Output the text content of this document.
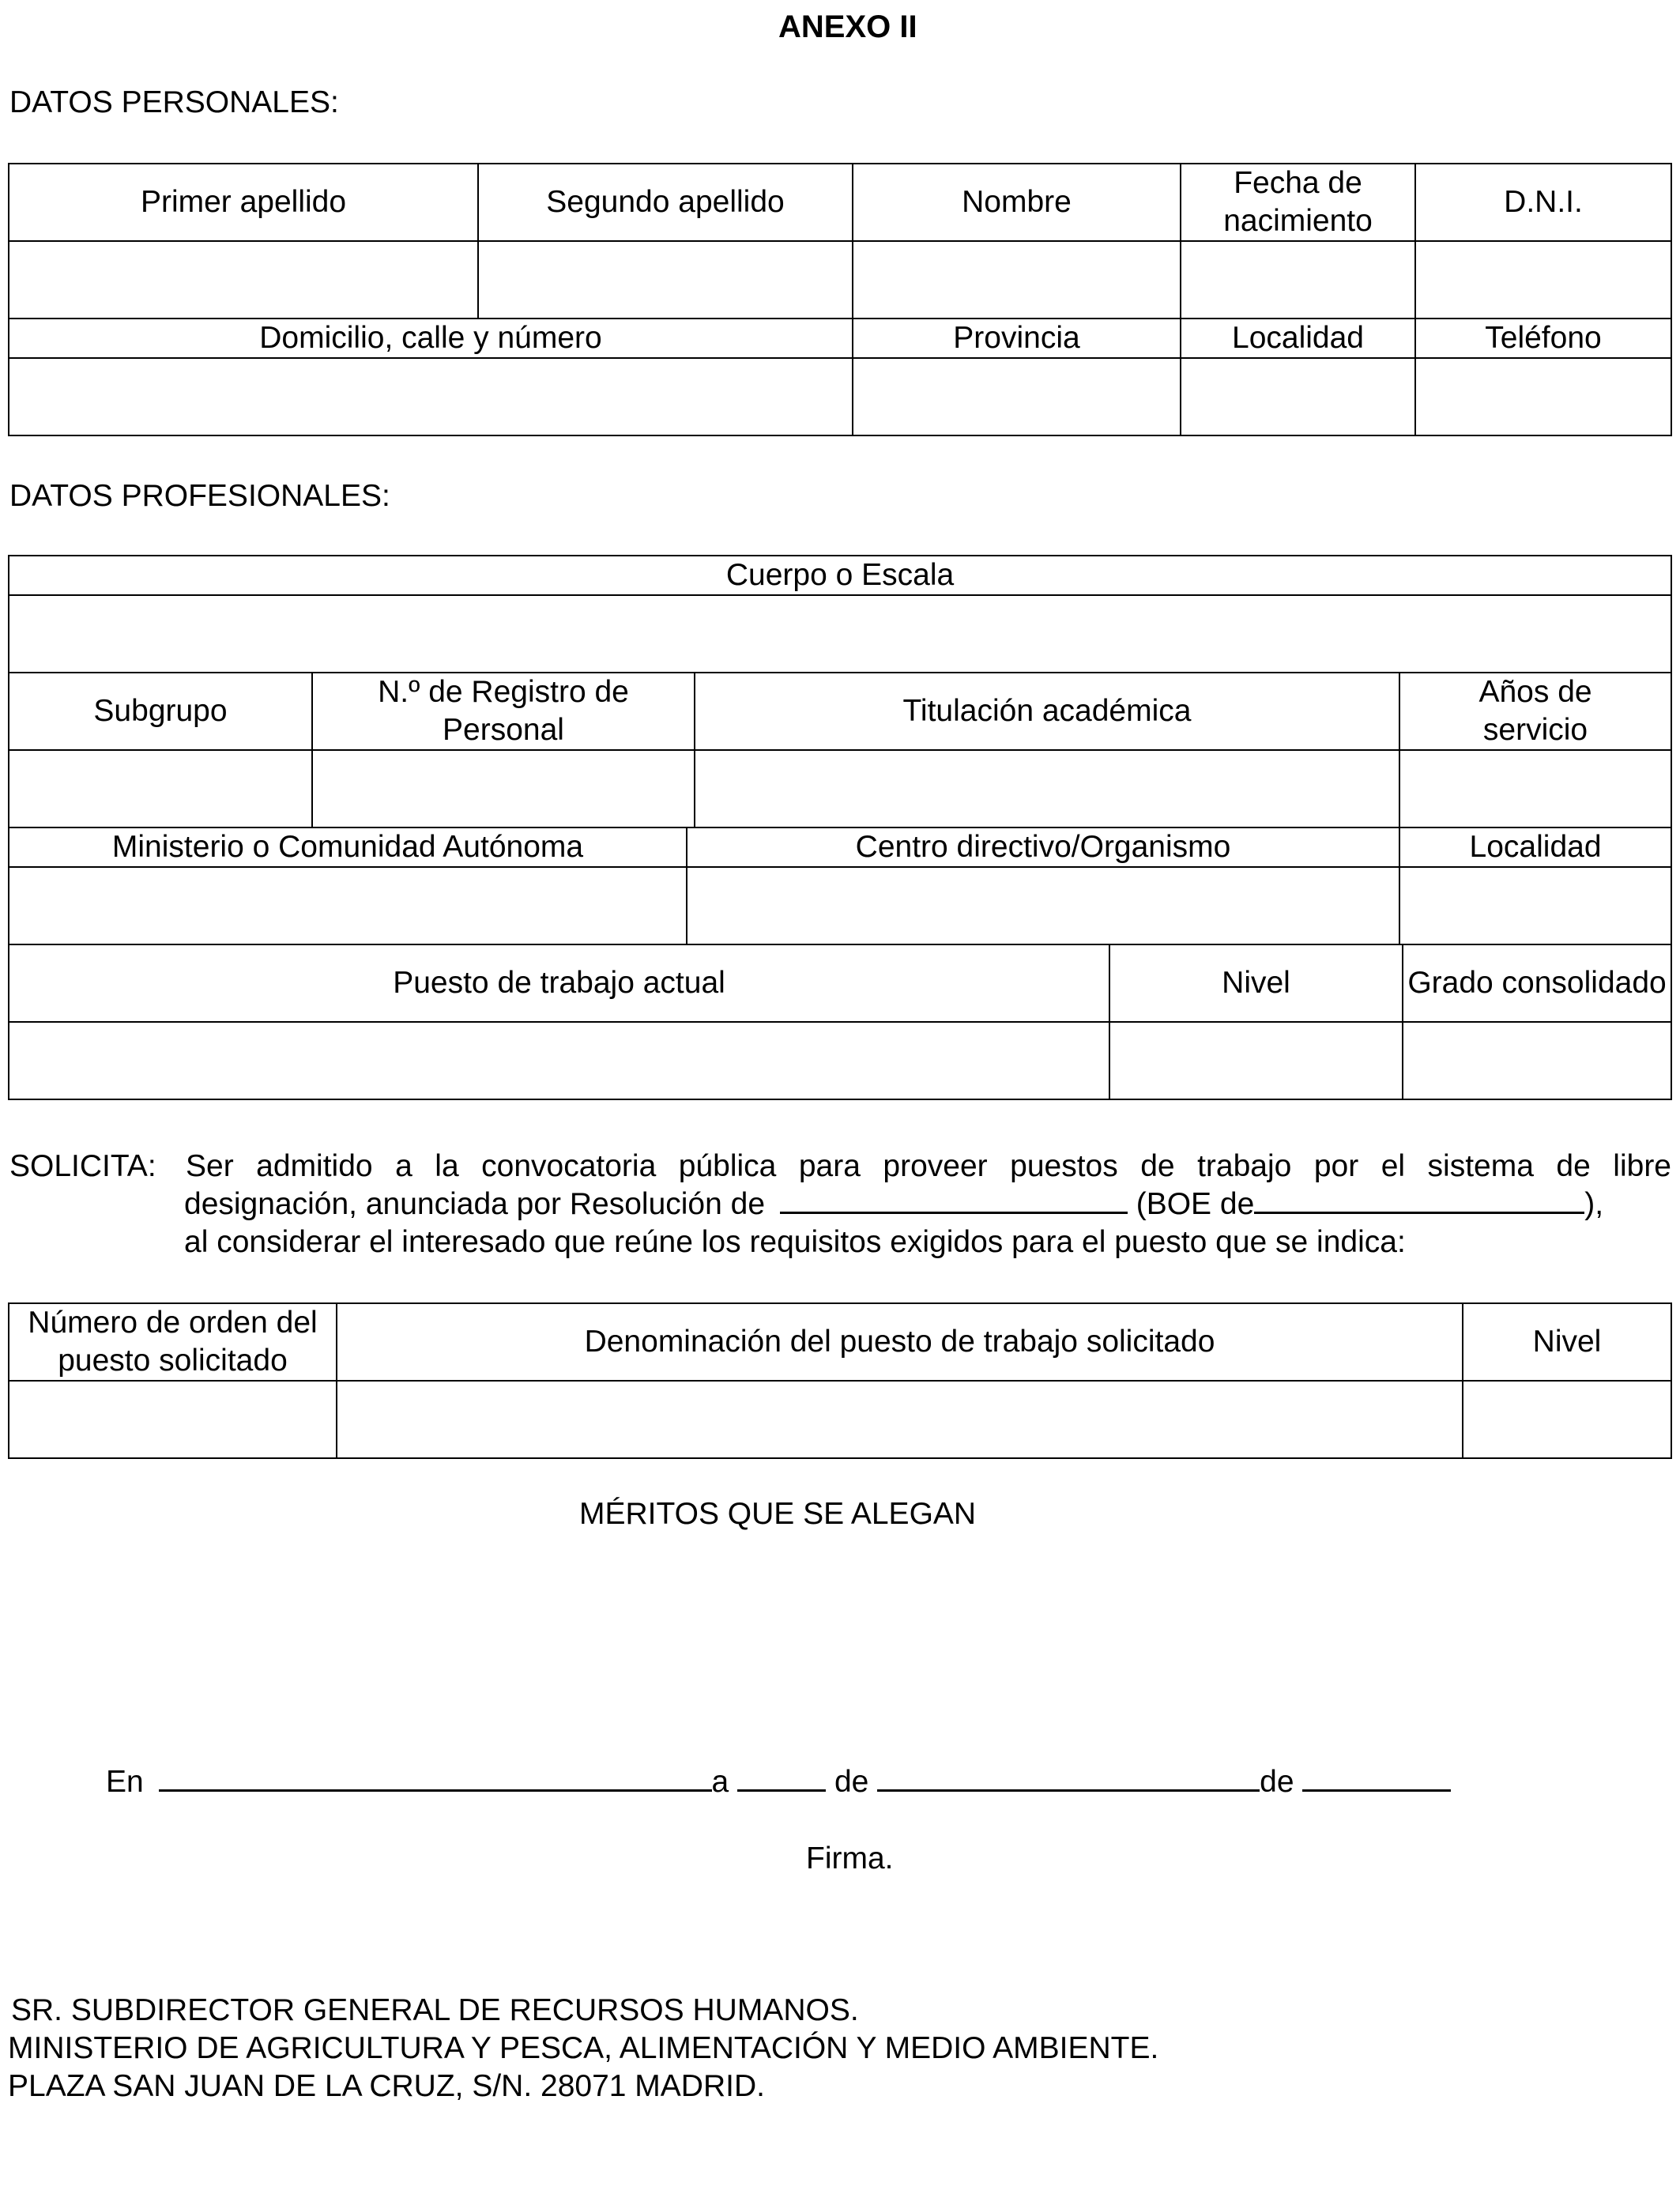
ANEXO II
DATOS PERSONALES:
Primer apellido	Segundo apellido	Nombre	Fecha de nacimiento	D.N.I.

Domicilio, calle y número		Provincia	Localidad	Teléfono

DATOS PROFESIONALES:
Cuerpo o Escala						

Subgrupo	N.º de Registro de Personal		Titulación académica		Años de servicio	

Ministerio o Comunidad Autónoma		Centro directivo/Organismo			Localidad	

Puesto de trabajo actual				Nivel		Grado consolidado

SOLICITA: Ser admitido a la convocatoria pública para proveer puestos de trabajo por el sistema de libre
designación, anunciada por Resolución de	(BOE de	),
al considerar el interesado que reúne los requisitos exigidos para el puesto que se indica:
Número de orden del puesto solicitado	Denominación del puesto de trabajo solicitado	Nivel

MÉRITOS QUE SE ALEGAN
En	a	de	de
Firma.
SR. SUBDIRECTOR GENERAL DE RECURSOS HUMANOS.
MINISTERIO DE AGRICULTURA Y PESCA, ALIMENTACIÓN Y MEDIO AMBIENTE.
PLAZA SAN JUAN DE LA CRUZ, S/N. 28071 MADRID.
